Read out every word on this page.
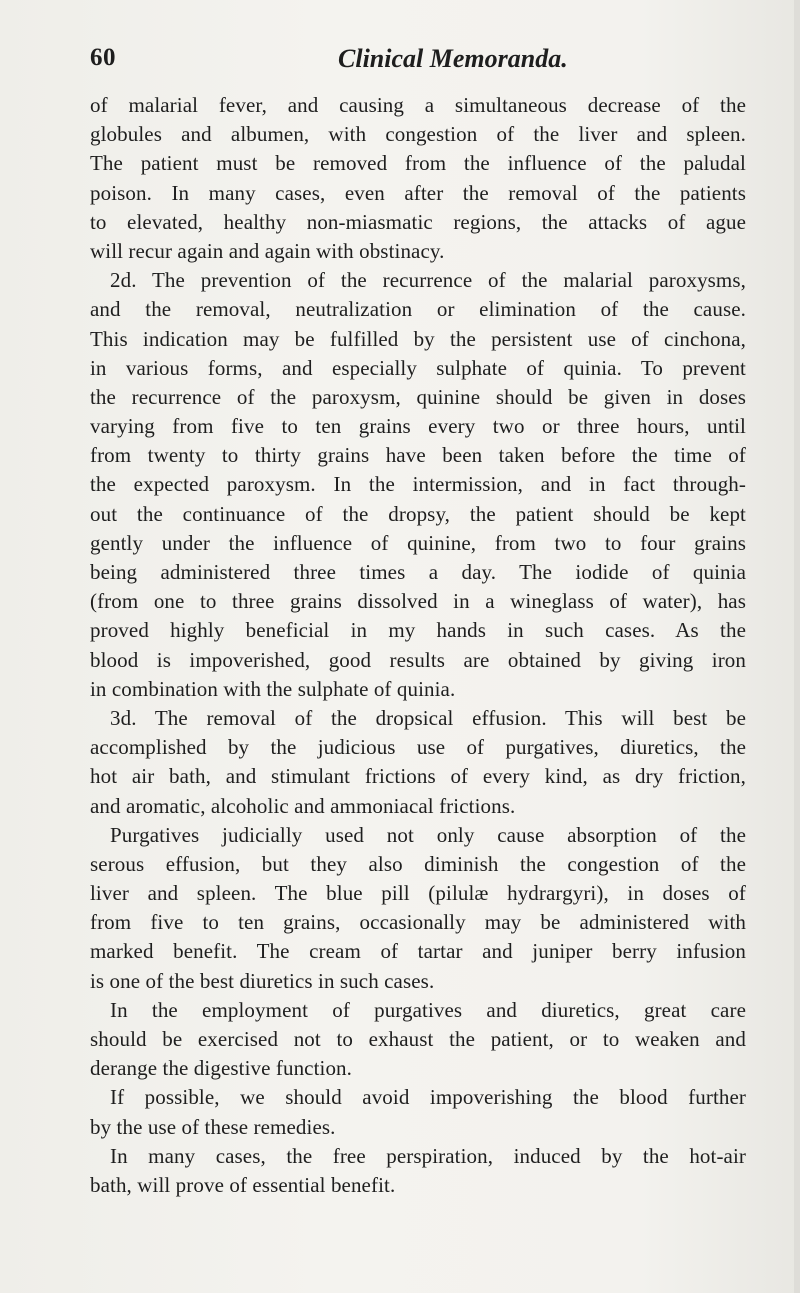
60	Clinical Memoranda.
of malarial fever, and causing a simultaneous decrease of the
globules and albumen, with congestion of the liver and spleen.
The patient must be removed from the influence of the paludal
poison. In many cases, even after the removal of the patients
to elevated, healthy non-miasmatic regions, the attacks of ague
will recur again and again with obstinacy.
2d. The prevention of the recurrence of the malarial paroxysms,
and the removal, neutralization or elimination of the cause.
This indication may be fulfilled by the persistent use of cinchona,
in various forms, and especially sulphate of quinia. To prevent
the recurrence of the paroxysm, quinine should be given in doses
varying from five to ten grains every two or three hours, until
from twenty to thirty grains have been taken before the time of
the expected paroxysm. In the intermission, and in fact through-
out the continuance of the dropsy, the patient should be kept
gently under the influence of quinine, from two to four grains
being administered three times a day. The iodide of quinia
(from one to three grains dissolved in a wineglass of water), has
proved highly beneficial in my hands in such cases. As the
blood is impoverished, good results are obtained by giving iron
in combination with the sulphate of quinia.
3d. The removal of the dropsical effusion. This will best be
accomplished by the judicious use of purgatives, diuretics, the
hot air bath, and stimulant frictions of every kind, as dry friction,
and aromatic, alcoholic and ammoniacal frictions.
Purgatives judicially used not only cause absorption of the
serous effusion, but they also diminish the congestion of the
liver and spleen. The blue pill (pilulæ hydrargyri), in doses of
from five to ten grains, occasionally may be administered with
marked benefit. The cream of tartar and juniper berry infusion
is one of the best diuretics in such cases.
In the employment of purgatives and diuretics, great care
should be exercised not to exhaust the patient, or to weaken and
derange the digestive function.
If possible, we should avoid impoverishing the blood further
by the use of these remedies.
In many cases, the free perspiration, induced by the hot-air
bath, will prove of essential benefit.
